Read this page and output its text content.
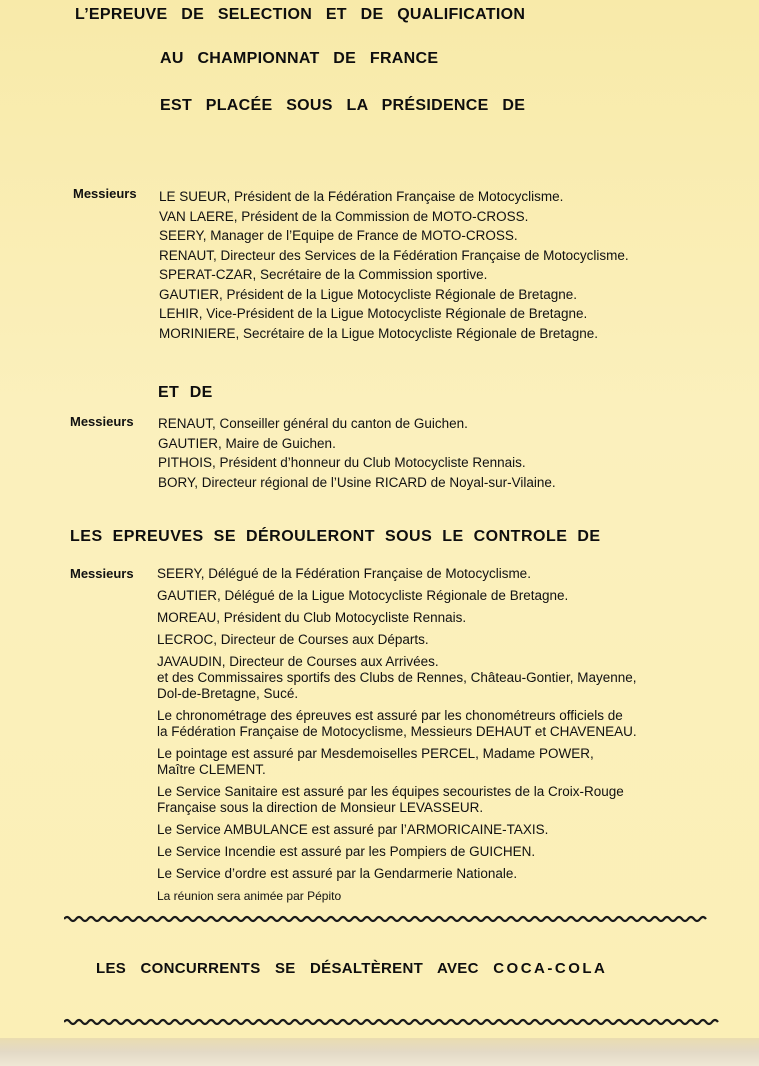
L’EPREUVE DE SELECTION ET DE QUALIFICATION
AU CHAMPIONNAT DE FRANCE
EST PLACÉE SOUS LA PRÉSIDENCE DE
Messieurs LE SUEUR, Président de la Fédération Française de Motocyclisme.
VAN LAERE, Président de la Commission de MOTO-CROSS.
SEERY, Manager de l’Equipe de France de MOTO-CROSS.
RENAUT, Directeur des Services de la Fédération Française de Motocyclisme.
SPERAT-CZAR, Secrétaire de la Commission sportive.
GAUTIER, Président de la Ligue Motocycliste Régionale de Bretagne.
LEHIR, Vice-Président de la Ligue Motocycliste Régionale de Bretagne.
MORINIERE, Secrétaire de la Ligue Motocycliste Régionale de Bretagne.
ET DE
Messieurs RENAUT, Conseiller général du canton de Guichen.
GAUTIER, Maire de Guichen.
PITHOIS, Président d’honneur du Club Motocycliste Rennais.
BORY, Directeur régional de l’Usine RICARD de Noyal-sur-Vilaine.
LES EPREUVES SE DÉROULERONT SOUS LE CONTROLE DE
Messieurs SEERY, Délégué de la Fédération Française de Motocyclisme.
GAUTIER, Délégué de la Ligue Motocycliste Régionale de Bretagne.
MOREAU, Président du Club Motocycliste Rennais.
LECROC, Directeur de Courses aux Départs.
JAVAUDIN, Directeur de Courses aux Arrivées.
et des Commissaires sportifs des Clubs de Rennes, Château-Gontier, Mayenne,
Dol-de-Bretagne, Sucé.
Le chronométrage des épreuves est assuré par les chonométreurs officiels de
la Fédération Française de Motocyclisme, Messieurs DEHAUT et CHAVENEAU.
Le pointage est assuré par Mesdemoiselles PERCEL, Madame POWER,
Maître CLEMENT.
Le Service Sanitaire est assuré par les équipes secouristes de la Croix-Rouge
Française sous la direction de Monsieur LEVASSEUR.
Le Service AMBULANCE est assuré par l’ARMORICAINE-TAXIS.
Le Service Incendie est assuré par les Pompiers de GUICHEN.
Le Service d’ordre est assuré par la Gendarmerie Nationale.
La réunion sera animée par Pépito
LES CONCURRENTS SE DÉSALTÈRENT AVEC COCA-COLA
